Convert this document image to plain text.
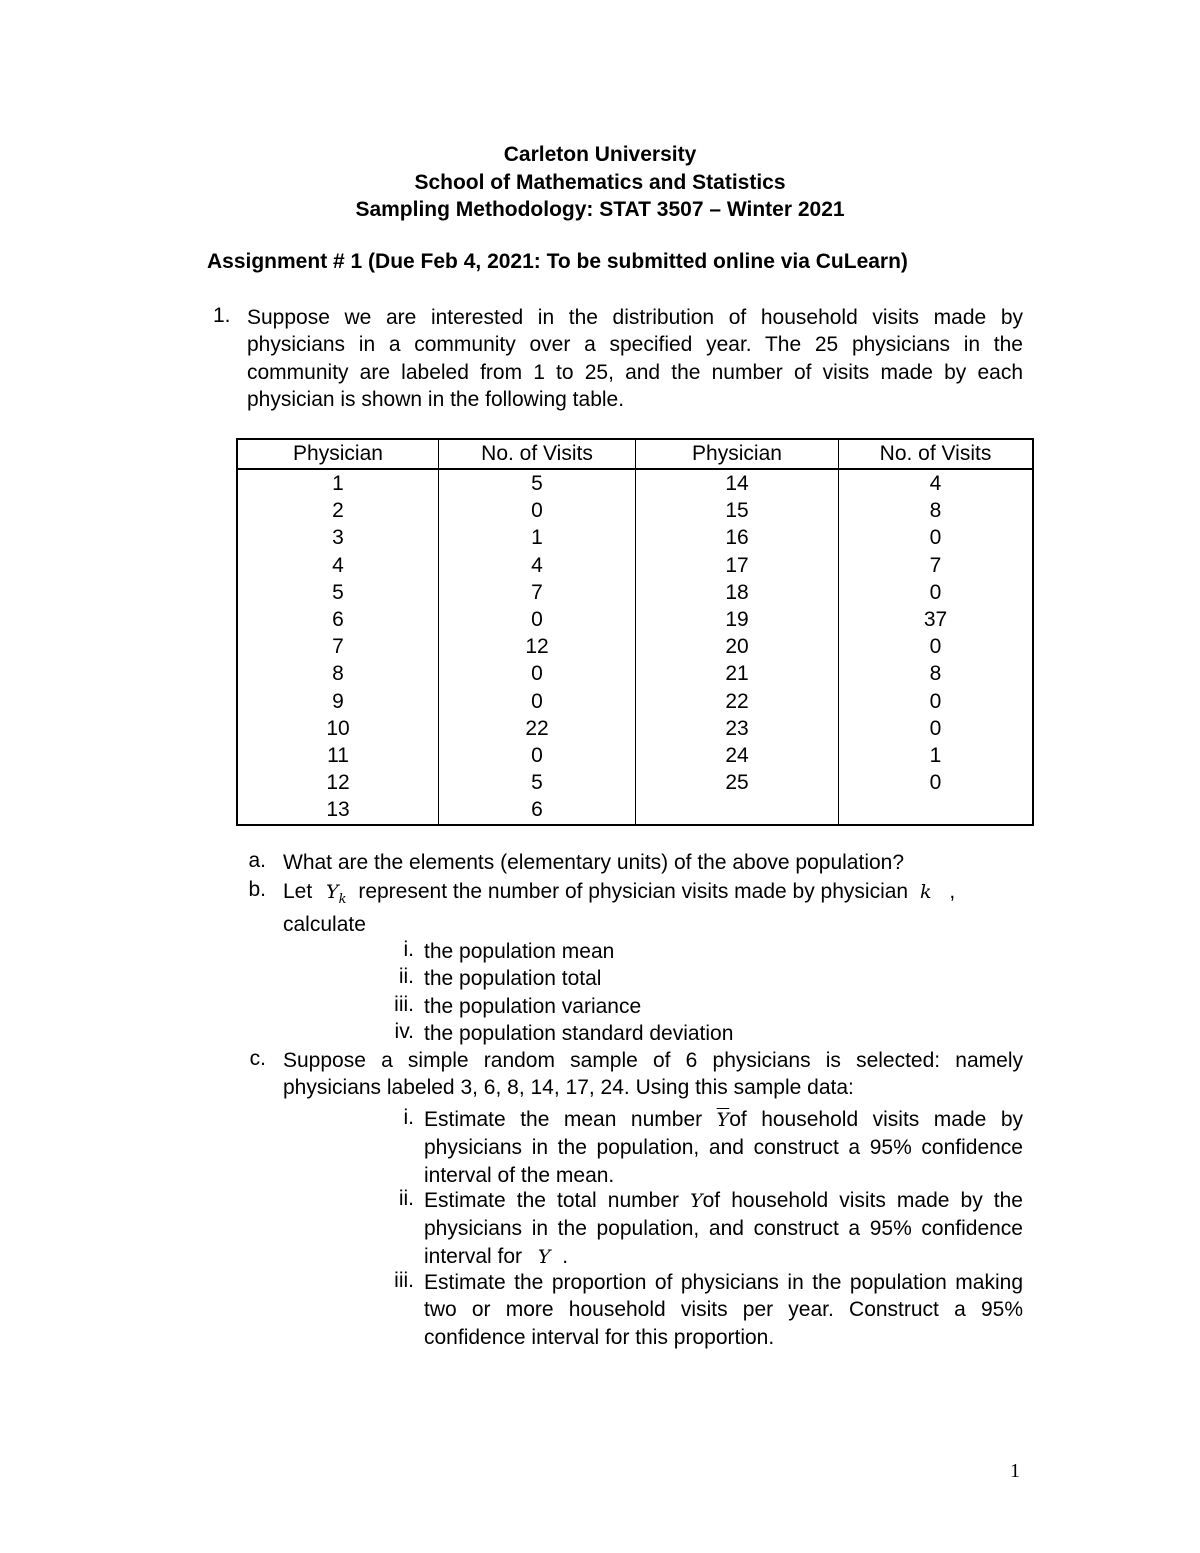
Carleton University
School of Mathematics and Statistics
Sampling Methodology: STAT 3507 – Winter 2021
Assignment # 1 (Due Feb 4, 2021: To be submitted online via CuLearn)
1. Suppose we are interested in the distribution of household visits made by physicians in a community over a specified year. The 25 physicians in the community are labeled from 1 to 25, and the number of visits made by each physician is shown in the following table.
Physician	No. of Visits	Physician	No. of Visits
1	5	14	4
2	0	15	8
3	1	16	0
4	4	17	7
5	7	18	0
6	0	19	37
7	12	20	0
8	0	21	8
9	0	22	0
10	22	23	0
11	0	24	1
12	5	25	0
13	6		
a. What are the elements (elementary units) of the above population?
b. Let $Y_k$ represent the number of physician visits made by physician k ,
calculate
i. the population mean
ii. the population total
iii. the population variance
iv. the population standard deviation
c. Suppose a simple random sample of 6 physicians is selected: namely physicians labeled 3, 6, 8, 14, 17, 24. Using this sample data:
i. Estimate the mean number $\overline{Y}of$ household visits made by physicians in the population, and construct a 95% confidence interval of the mean.
ii. Estimate the total number Yof household visits made by the physicians in the population, and construct a 95% confidence interval for Y .
iii. Estimate the proportion of physicians in the population making two or more household visits per year. Construct a 95% confidence interval for this proportion.
1
